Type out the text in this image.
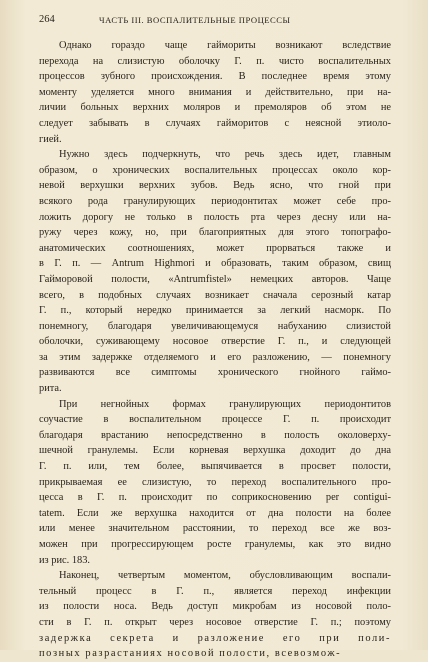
264	ЧАСТЬ III. ВОСПАЛИТЕЛЬНЫЕ ПРОЦЕССЫ
Однако гораздо чаще гаймориты возникают вследствие
перехода на слизистую оболочку Г. п. чисто воспалительных
процессов зубного происхождения. В последнее время этому
моменту уделяется много внимания и действительно, при на-
личии больных верхних моляров и премоляров об этом не
следует забывать в случаях гайморитов с неясной этиоло-
гией.
Нужно здесь подчеркнуть, что речь здесь идет, главным
образом, о хронических воспалительных процессах около кор-
невой верхушки верхних зубов. Ведь ясно, что гной при
всякого рода гранулирующих периодонтитах может себе про-
ложить дорогу не только в полость рта через десну или на-
ружу через кожу, но, при благоприятных для этого топографо-
анатомических соотношениях, может прорваться также и
в Г. п. — Antrum Highmori и образовать, таким образом, свищ
Гайморовой полости, «Antrumfistel» немецких авторов. Чаще
всего, в подобных случаях возникает сначала серозный катар
Г. п., который нередко принимается за легкий насморк. По
понемногу, благодаря увеличивающемуся набуханию слизистой
оболочки, суживающему носовое отверстие Г. п., и следующей
за этим задержке отделяемого и его разложению, — понемногу
развиваются все симптомы хронического гнойного гаймо-
рита.
При негнойных формах гранулирующих периодонтитов
соучастие в воспалительном процессе Г. п. происходит
благодаря врастанию непосредственно в полость околоверху-
шечной гранулемы. Если корневая верхушка доходит до дна
Г. п. или, тем более, выпячивается в просвет полости,
прикрываемая ее слизистую, то переход воспалительного про-
цесса в Г. п. происходит по соприкосновению per contigui-
tatem. Если же верхушка находится от дна полости на более
или менее значительном расстоянии, то переход все же воз-
можен при прогрессирующем росте гранулемы, как это видно
из рис. 183.
Наконец, четвертым моментом, обусловливающим воспали-
тельный процесс в Г. п., является переход инфекции
из полости носа. Ведь доступ микробам из носовой поло-
сти в Г. п. открыт через носовое отверстие Г. п.; поэтому
задержка секрета и разложение его при поли-
позных разрастаниях носовой полости, всевозмож-
